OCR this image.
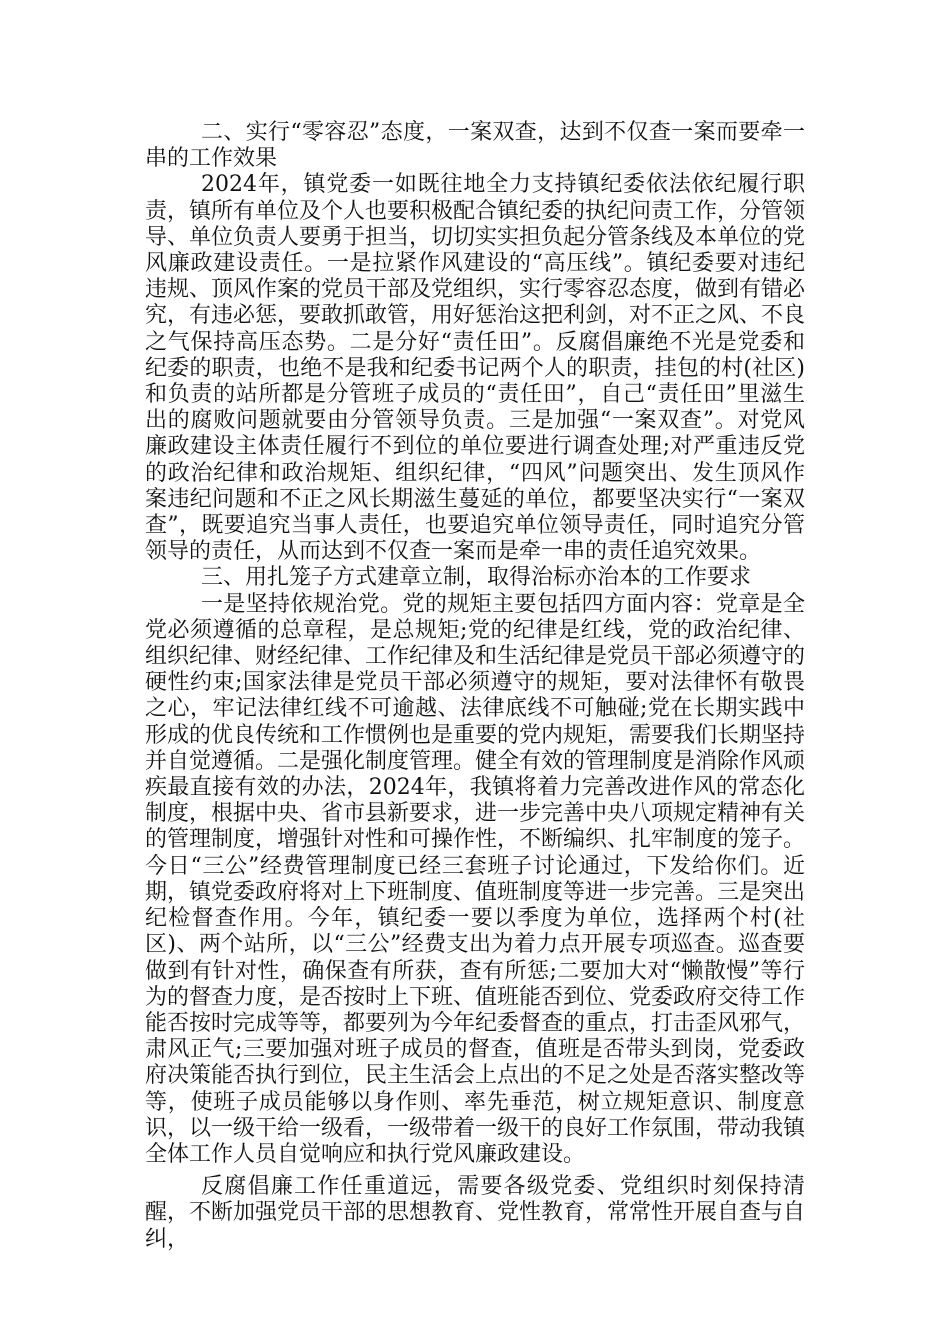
二、实行“零容忍”态度，一案双查，达到不仅查一案而要牵一串的工作效果

2024年，镇党委一如既往地全力支持镇纪委依法依纪履行职责，镇所有单位及个人也要积极配合镇纪委的执纪问责工作，分管领导、单位负责人要勇于担当，切切实实担负起分管条线及本单位的党风廉政建设责任。一是拉紧作风建设的“高压线”。镇纪委要对违纪违规、顶风作案的党员干部及党组织，实行零容忍态度，做到有错必究，有违必惩，要敢抓敢管，用好惩治这把利剑，对不正之风、不良之气保持高压态势。二是分好“责任田”。反腐倡廉绝不光是党委和纪委的职责，也绝不是我和纪委书记两个人的职责，挂包的村(社区)和负责的站所都是分管班子成员的“责任田”，自己“责任田”里滋生出的腐败问题就要由分管领导负责。三是加强“一案双查”。对党风廉政建设主体责任履行不到位的单位要进行调查处理;对严重违反党的政治纪律和政治规矩、组织纪律，“四风”问题突出、发生顶风作案违纪问题和不正之风长期滋生蔓延的单位，都要坚决实行“一案双查”，既要追究当事人责任，也要追究单位领导责任，同时追究分管领导的责任，从而达到不仅查一案而是牵一串的责任追究效果。

三、用扎笼子方式建章立制，取得治标亦治本的工作要求

一是坚持依规治党。党的规矩主要包括四方面内容：党章是全党必须遵循的总章程，是总规矩;党的纪律是红线，党的政治纪律、组织纪律、财经纪律、工作纪律及和生活纪律是党员干部必须遵守的硬性约束;国家法律是党员干部必须遵守的规矩，要对法律怀有敬畏之心，牢记法律红线不可逾越、法律底线不可触碰;党在长期实践中形成的优良传统和工作惯例也是重要的党内规矩，需要我们长期坚持并自觉遵循。二是强化制度管理。健全有效的管理制度是消除作风顽疾最直接有效的办法，2024年，我镇将着力完善改进作风的常态化制度，根据中央、省市县新要求，进一步完善中央八项规定精神有关的管理制度，增强针对性和可操作性，不断编织、扎牢制度的笼子。今日“三公”经费管理制度已经三套班子讨论通过，下发给你们。近期，镇党委政府将对上下班制度、值班制度等进一步完善。三是突出纪检督查作用。今年，镇纪委一要以季度为单位，选择两个村(社区)、两个站所，以“三公”经费支出为着力点开展专项巡查。巡查要做到有针对性，确保查有所获，查有所惩;二要加大对“懒散慢”等行为的督查力度，是否按时上下班、值班能否到位、党委政府交待工作能否按时完成等等，都要列为今年纪委督查的重点，打击歪风邪气，肃风正气;三要加强对班子成员的督查，值班是否带头到岗，党委政府决策能否执行到位，民主生活会上点出的不足之处是否落实整改等等，使班子成员能够以身作则、率先垂范，树立规矩意识、制度意识，以一级干给一级看，一级带着一级干的良好工作氛围，带动我镇全体工作人员自觉响应和执行党风廉政建设。

反腐倡廉工作任重道远，需要各级党委、党组织时刻保持清醒，不断加强党员干部的思想教育、党性教育，常常性开展自查与自纠，
